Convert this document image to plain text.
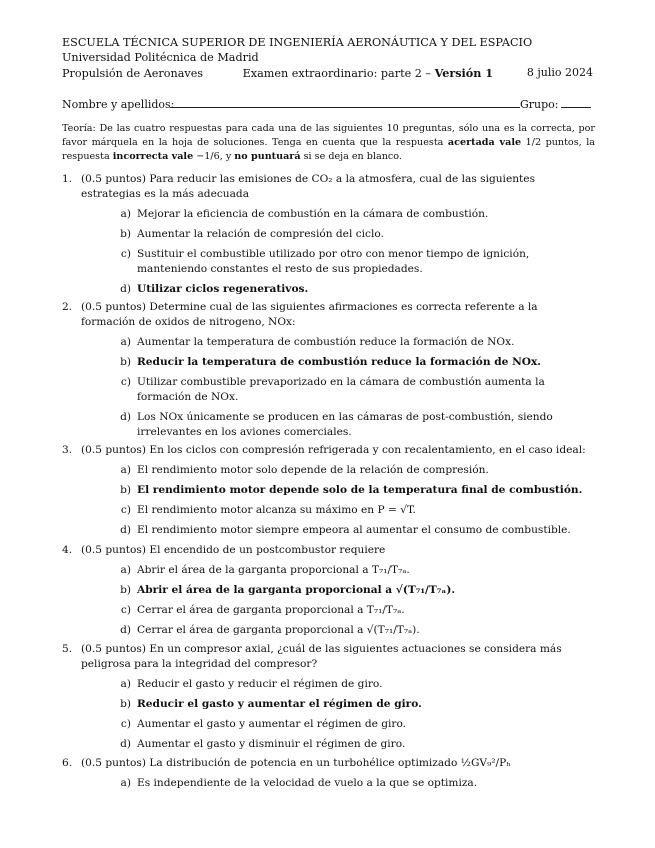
ESCUELA TÉCNICA SUPERIOR DE INGENIERÍA AERONÁUTICA Y DEL ESPACIO
Universidad Politécnica de Madrid
Propulsión de Aeronaves	Examen extraordinario: parte 2 – Versión 1	8 julio 2024
Nombre y apellidos:	Grupo:
Teoría: De las cuatro respuestas para cada una de las siguientes 10 preguntas, sólo una es la correcta, por favor márquela en la hoja de soluciones. Tenga en cuenta que la respuesta acertada vale 1/2 puntos, la respuesta incorrecta vale −1/6, y no puntuará si se deja en blanco.
1. (0.5 puntos) Para reducir las emisiones de CO₂ a la atmosfera, cual de las siguientes estrategias es la más adecuada
a) Mejorar la eficiencia de combustión en la cámara de combustión.
b) Aumentar la relación de compresión del ciclo.
c) Sustituir el combustible utilizado por otro con menor tiempo de ignición, manteniendo constantes el resto de sus propiedades.
d) Utilizar ciclos regenerativos.
2. (0.5 puntos) Determine cual de las siguientes afirmaciones es correcta referente a la formación de oxidos de nitrogeno, NOx:
a) Aumentar la temperatura de combustión reduce la formación de NOx.
b) Reducir la temperatura de combustión reduce la formación de NOx.
c) Utilizar combustible prevaporizado en la cámara de combustión aumenta la formación de NOx.
d) Los NOx únicamente se producen en las cámaras de post-combustión, siendo irrelevantes en los aviones comerciales.
3. (0.5 puntos) En los ciclos con compresión refrigerada y con recalentamiento, en el caso ideal:
a) El rendimiento motor solo depende de la relación de compresión.
b) El rendimiento motor depende solo de la temperatura final de combustión.
c) El rendimiento motor alcanza su máximo en P = √T.
d) El rendimiento motor siempre empeora al aumentar el consumo de combustible.
4. (0.5 puntos) El encendido de un postcombustor requiere
a) Abrir el área de la garganta proporcional a T₇₁/T₇ₐ.
b) Abrir el área de la garganta proporcional a √(T₇₁/T₇ₐ).
c) Cerrar el área de garganta proporcional a T₇₁/T₇ₐ.
d) Cerrar el área de garganta proporcional a √(T₇₁/T₇ₐ).
5. (0.5 puntos) En un compresor axial, ¿cuál de las siguientes actuaciones se considera más peligrosa para la integridad del compresor?
a) Reducir el gasto y reducir el régimen de giro.
b) Reducir el gasto y aumentar el régimen de giro.
c) Aumentar el gasto y aumentar el régimen de giro.
d) Aumentar el gasto y disminuir el régimen de giro.
6. (0.5 puntos) La distribución de potencia en un turbohélice optimizado ½GV₉²/Pₕ
a) Es independiente de la velocidad de vuelo a la que se optimiza.
